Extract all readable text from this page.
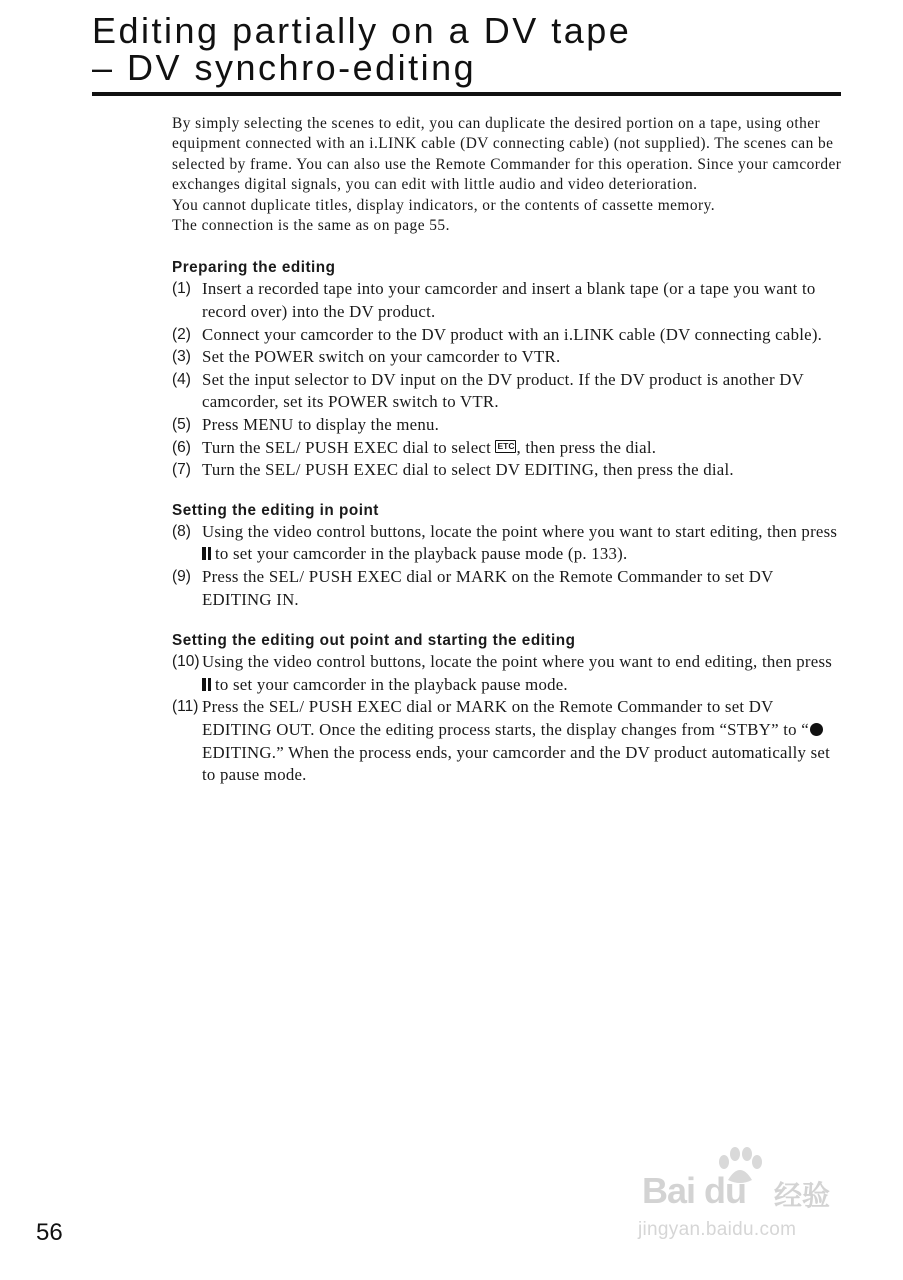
Editing partially on a DV tape
– DV synchro-editing

By simply selecting the scenes to edit, you can duplicate the desired portion on a tape, using other equipment connected with an i.LINK cable (DV connecting cable) (not supplied). The scenes can be selected by frame. You can also use the Remote Commander for this operation. Since your camcorder exchanges digital signals, you can edit with little audio and video deterioration.

You cannot duplicate titles, display indicators, or the contents of cassette memory.

The connection is the same as on page 55.

Preparing the editing
(1) Insert a recorded tape into your camcorder and insert a blank tape (or a tape you want to record over) into the DV product.
(2) Connect your camcorder to the DV product with an i.LINK cable (DV connecting cable).
(3) Set the POWER switch on your camcorder to VTR.
(4) Set the input selector to DV input on the DV product. If the DV product is another DV camcorder, set its POWER switch to VTR.
(5) Press MENU to display the menu.
(6) Turn the SEL/ PUSH EXEC dial to select ETC , then press the dial.
(7) Turn the SEL/ PUSH EXEC dial to select DV EDITING, then press the dial.
Setting the editing in point
(8) Using the video control buttons, locate the point where you want to start editing, then press to set your camcorder in the playback pause mode (p. 133).
(9) Press the SEL/ PUSH EXEC dial or MARK on the Remote Commander to set DV EDITING IN.
Setting the editing out point and starting the editing
(10) Using the video control buttons, locate the point where you want to end editing, then press to set your camcorder in the playback pause mode.
(11) Press the SEL/ PUSH EXEC dial or MARK on the Remote Commander to set DV EDITING OUT. Once the editing process starts, the display changes from “STBY” to “EDITING.” When the process ends, your camcorder and the DV product automatically set to pause mode.
56
Bai du 经验
jingyan.baidu.com
